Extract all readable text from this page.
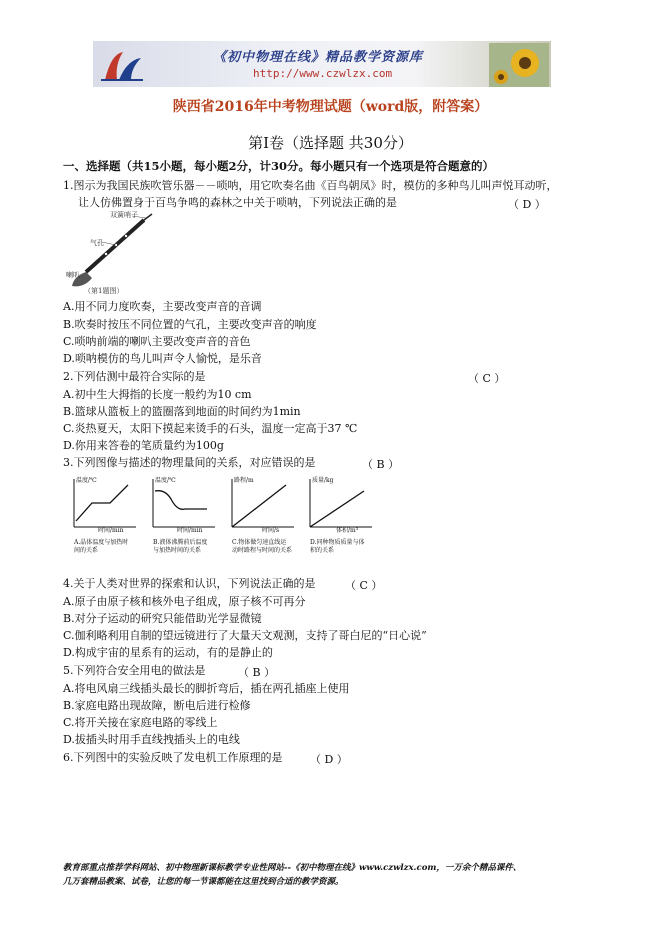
《初中物理在线》精品教学资源库
http://www.czwlzx.com
陕西省2016年中考物理试题（word版，附答案）
第Ⅰ卷（选择题 共30分）
一、选择题（共15小题，每小题2分，计30分。每小题只有一个选项是符合题意的）
1.图示为我国民族吹管乐器－－唢呐，用它吹奏名曲《百鸟朝凤》时，模仿的多种鸟儿叫声悦耳动听，
让人仿佛置身于百鸟争鸣的森林之中关于唢呐，下列说法正确的是	（ D ）
双簧哨子
气孔
喇叭
（第1题图）
A.用不同力度吹奏，主要改变声音的音调
B.吹奏时按压不同位置的气孔，主要改变声音的响度
C.唢呐前端的喇叭主要改变声音的音色
D.唢呐模仿的鸟儿叫声令人愉悦，是乐音
2.下列估测中最符合实际的是	（ C ）
A.初中生大拇指的长度一般约为10 cm
B.篮球从篮板上的篮圈落到地面的时间约为1min
C.炎热夏天，太阳下摸起来烫手的石头，温度一定高于37 ℃
D.你用来答卷的笔质量约为100g
3.下列图像与描述的物理量间的关系，对应错误的是	（ B ）
温度/℃
时间/min
A.晶体温度与加热时间的关系
温度/℃
时间/min
B.液体沸腾前后温度与加热时间的关系
路程/m
时间/s
C.物体做匀速直线运动时路程与时间的关系
质量/kg
体积/m³
D.同种物质质量与体积的关系
4.关于人类对世界的探索和认识，下列说法正确的是	（ C ）
A.原子由原子核和核外电子组成，原子核不可再分
B.对分子运动的研究只能借助光学显微镜
C.伽利略利用自制的望远镜进行了大量天文观测，支持了哥白尼的“日心说”
D.构成宇宙的星系有的运动，有的是静止的
5.下列符合安全用电的做法是	（ B ）
A.将电风扇三线插头最长的脚折弯后，插在两孔插座上使用
B.家庭电路出现故障，断电后进行检修
C.将开关接在家庭电路的零线上
D.拔插头时用手直线拽插头上的电线
6.下列图中的实验反映了发电机工作原理的是	（ D ）
教育部重点推荐学科网站、初中物理新课标教学专业性网站--《初中物理在线》www.czwlzx.com，一万余个精品课件、
几万套精品教案、试卷，让您的每一节课都能在这里找到合适的教学资源。
